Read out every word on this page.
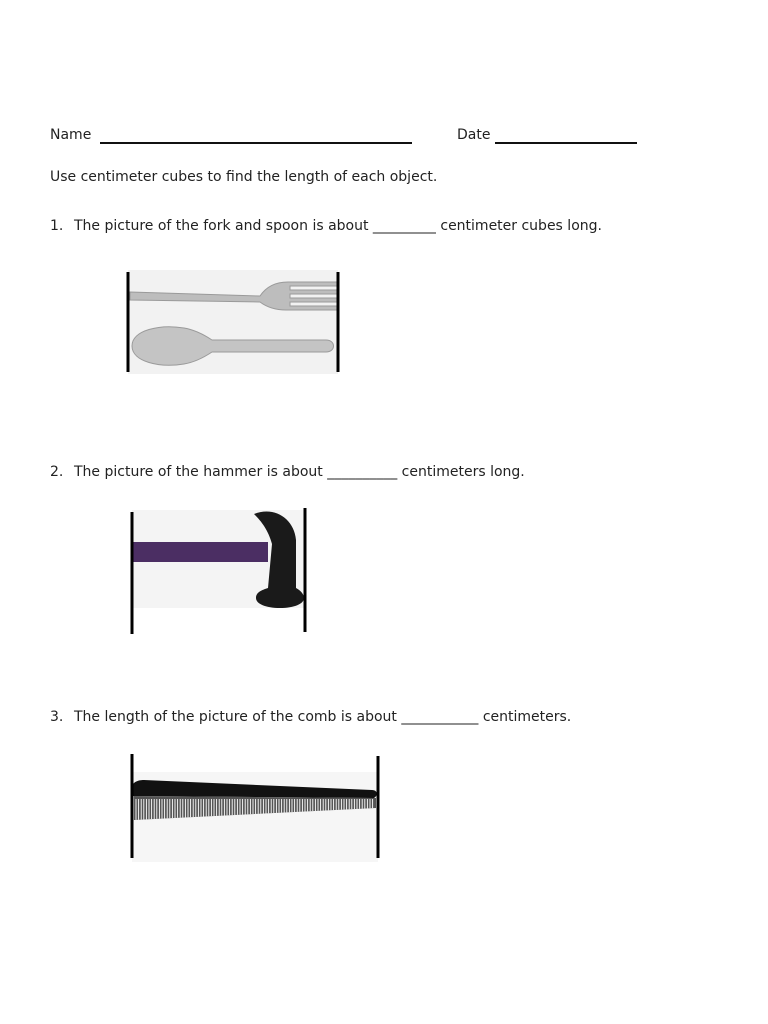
Name	Date
Use centimeter cubes to find the length of each object.
1. The picture of the fork and spoon is about _________ centimeter cubes long.
2. The picture of the hammer is about __________ centimeters long.
3. The length of the picture of the comb is about ___________ centimeters.
